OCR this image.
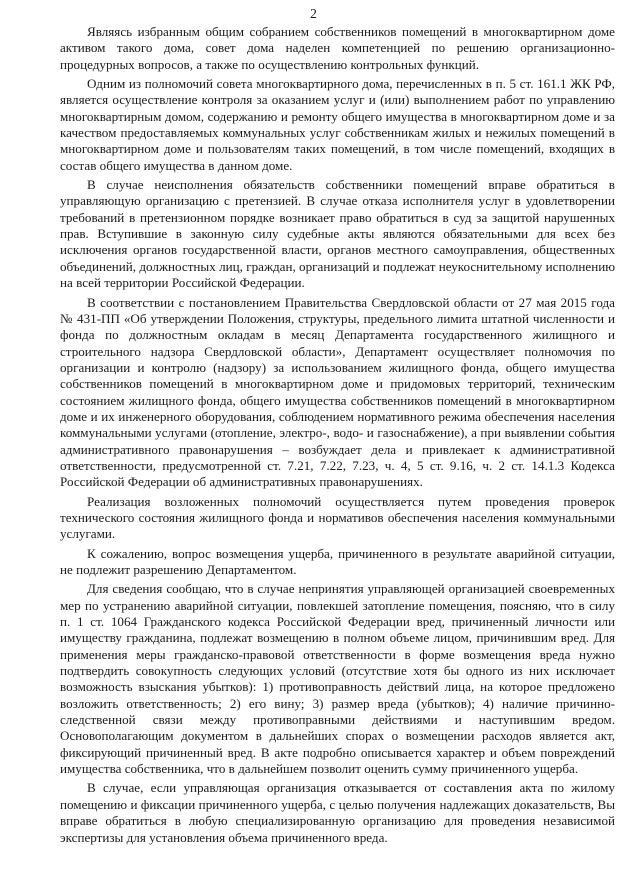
2

Являясь избранным общим собранием собственников помещений в многоквартирном доме активом такого дома, совет дома наделен компетенцией по решению организационно-процедурных вопросов, а также по осуществлению контрольных функций.

Одним из полномочий совета многоквартирного дома, перечисленных в п. 5 ст. 161.1 ЖК РФ, является осуществление контроля за оказанием услуг и (или) выполнением работ по управлению многоквартирным домом, содержанию и ремонту общего имущества в многоквартирном доме и за качеством предоставляемых коммунальных услуг собственникам жилых и нежилых помещений в многоквартирном доме и пользователям таких помещений, в том числе помещений, входящих в состав общего имущества в данном доме.

В случае неисполнения обязательств собственники помещений вправе обратиться в управляющую организацию с претензией. В случае отказа исполнителя услуг в удовлетворении требований в претензионном порядке возникает право обратиться в суд за защитой нарушенных прав. Вступившие в законную силу судебные акты являются обязательными для всех без исключения органов государственной власти, органов местного самоуправления, общественных объединений, должностных лиц, граждан, организаций и подлежат неукоснительному исполнению на всей территории Российской Федерации.

В соответствии с постановлением Правительства Свердловской области от 27 мая 2015 года № 431-ПП «Об утверждении Положения, структуры, предельного лимита штатной численности и фонда по должностным окладам в месяц Департамента государственного жилищного и строительного надзора Свердловской области», Департамент осуществляет полномочия по организации и контролю (надзору) за использованием жилищного фонда, общего имущества собственников помещений в многоквартирном доме и придомовых территорий, техническим состоянием жилищного фонда, общего имущества собственников помещений в многоквартирном доме и их инженерного оборудования, соблюдением нормативного режима обеспечения населения коммунальными услугами (отопление, электро-, водо- и газоснабжение), а при выявлении события административного правонарушения – возбуждает дела и привлекает к административной ответственности, предусмотренной ст. 7.21, 7.22, 7.23, ч. 4, 5 ст. 9.16, ч. 2 ст. 14.1.3 Кодекса Российской Федерации об административных правонарушениях.

Реализация возложенных полномочий осуществляется путем проведения проверок технического состояния жилищного фонда и нормативов обеспечения населения коммунальными услугами.

К сожалению, вопрос возмещения ущерба, причиненного в результате аварийной ситуации, не подлежит разрешению Департаментом.

Для сведения сообщаю, что в случае непринятия управляющей организацией своевременных мер по устранению аварийной ситуации, повлекшей затопление помещения, поясняю, что в силу п. 1 ст. 1064 Гражданского кодекса Российской Федерации вред, причиненный личности или имуществу гражданина, подлежат возмещению в полном объеме лицом, причинившим вред. Для применения меры гражданско-правовой ответственности в форме возмещения вреда нужно подтвердить совокупность следующих условий (отсутствие хотя бы одного из них исключает возможность взыскания убытков): 1) противоправность действий лица, на которое предложено возложить ответственность; 2) его вину; 3) размер вреда (убытков); 4) наличие причинно-следственной связи между противоправными действиями и наступившим вредом. Основополагающим документом в дальнейших спорах о возмещении расходов является акт, фиксирующий причиненный вред. В акте подробно описывается характер и объем повреждений имущества собственника, что в дальнейшем позволит оценить сумму причиненного ущерба.

В случае, если управляющая организация отказывается от составления акта по жилому помещению и фиксации причиненного ущерба, с целью получения надлежащих доказательств, Вы вправе обратиться в любую специализированную организацию для проведения независимой экспертизы для установления объема причиненного вреда.
